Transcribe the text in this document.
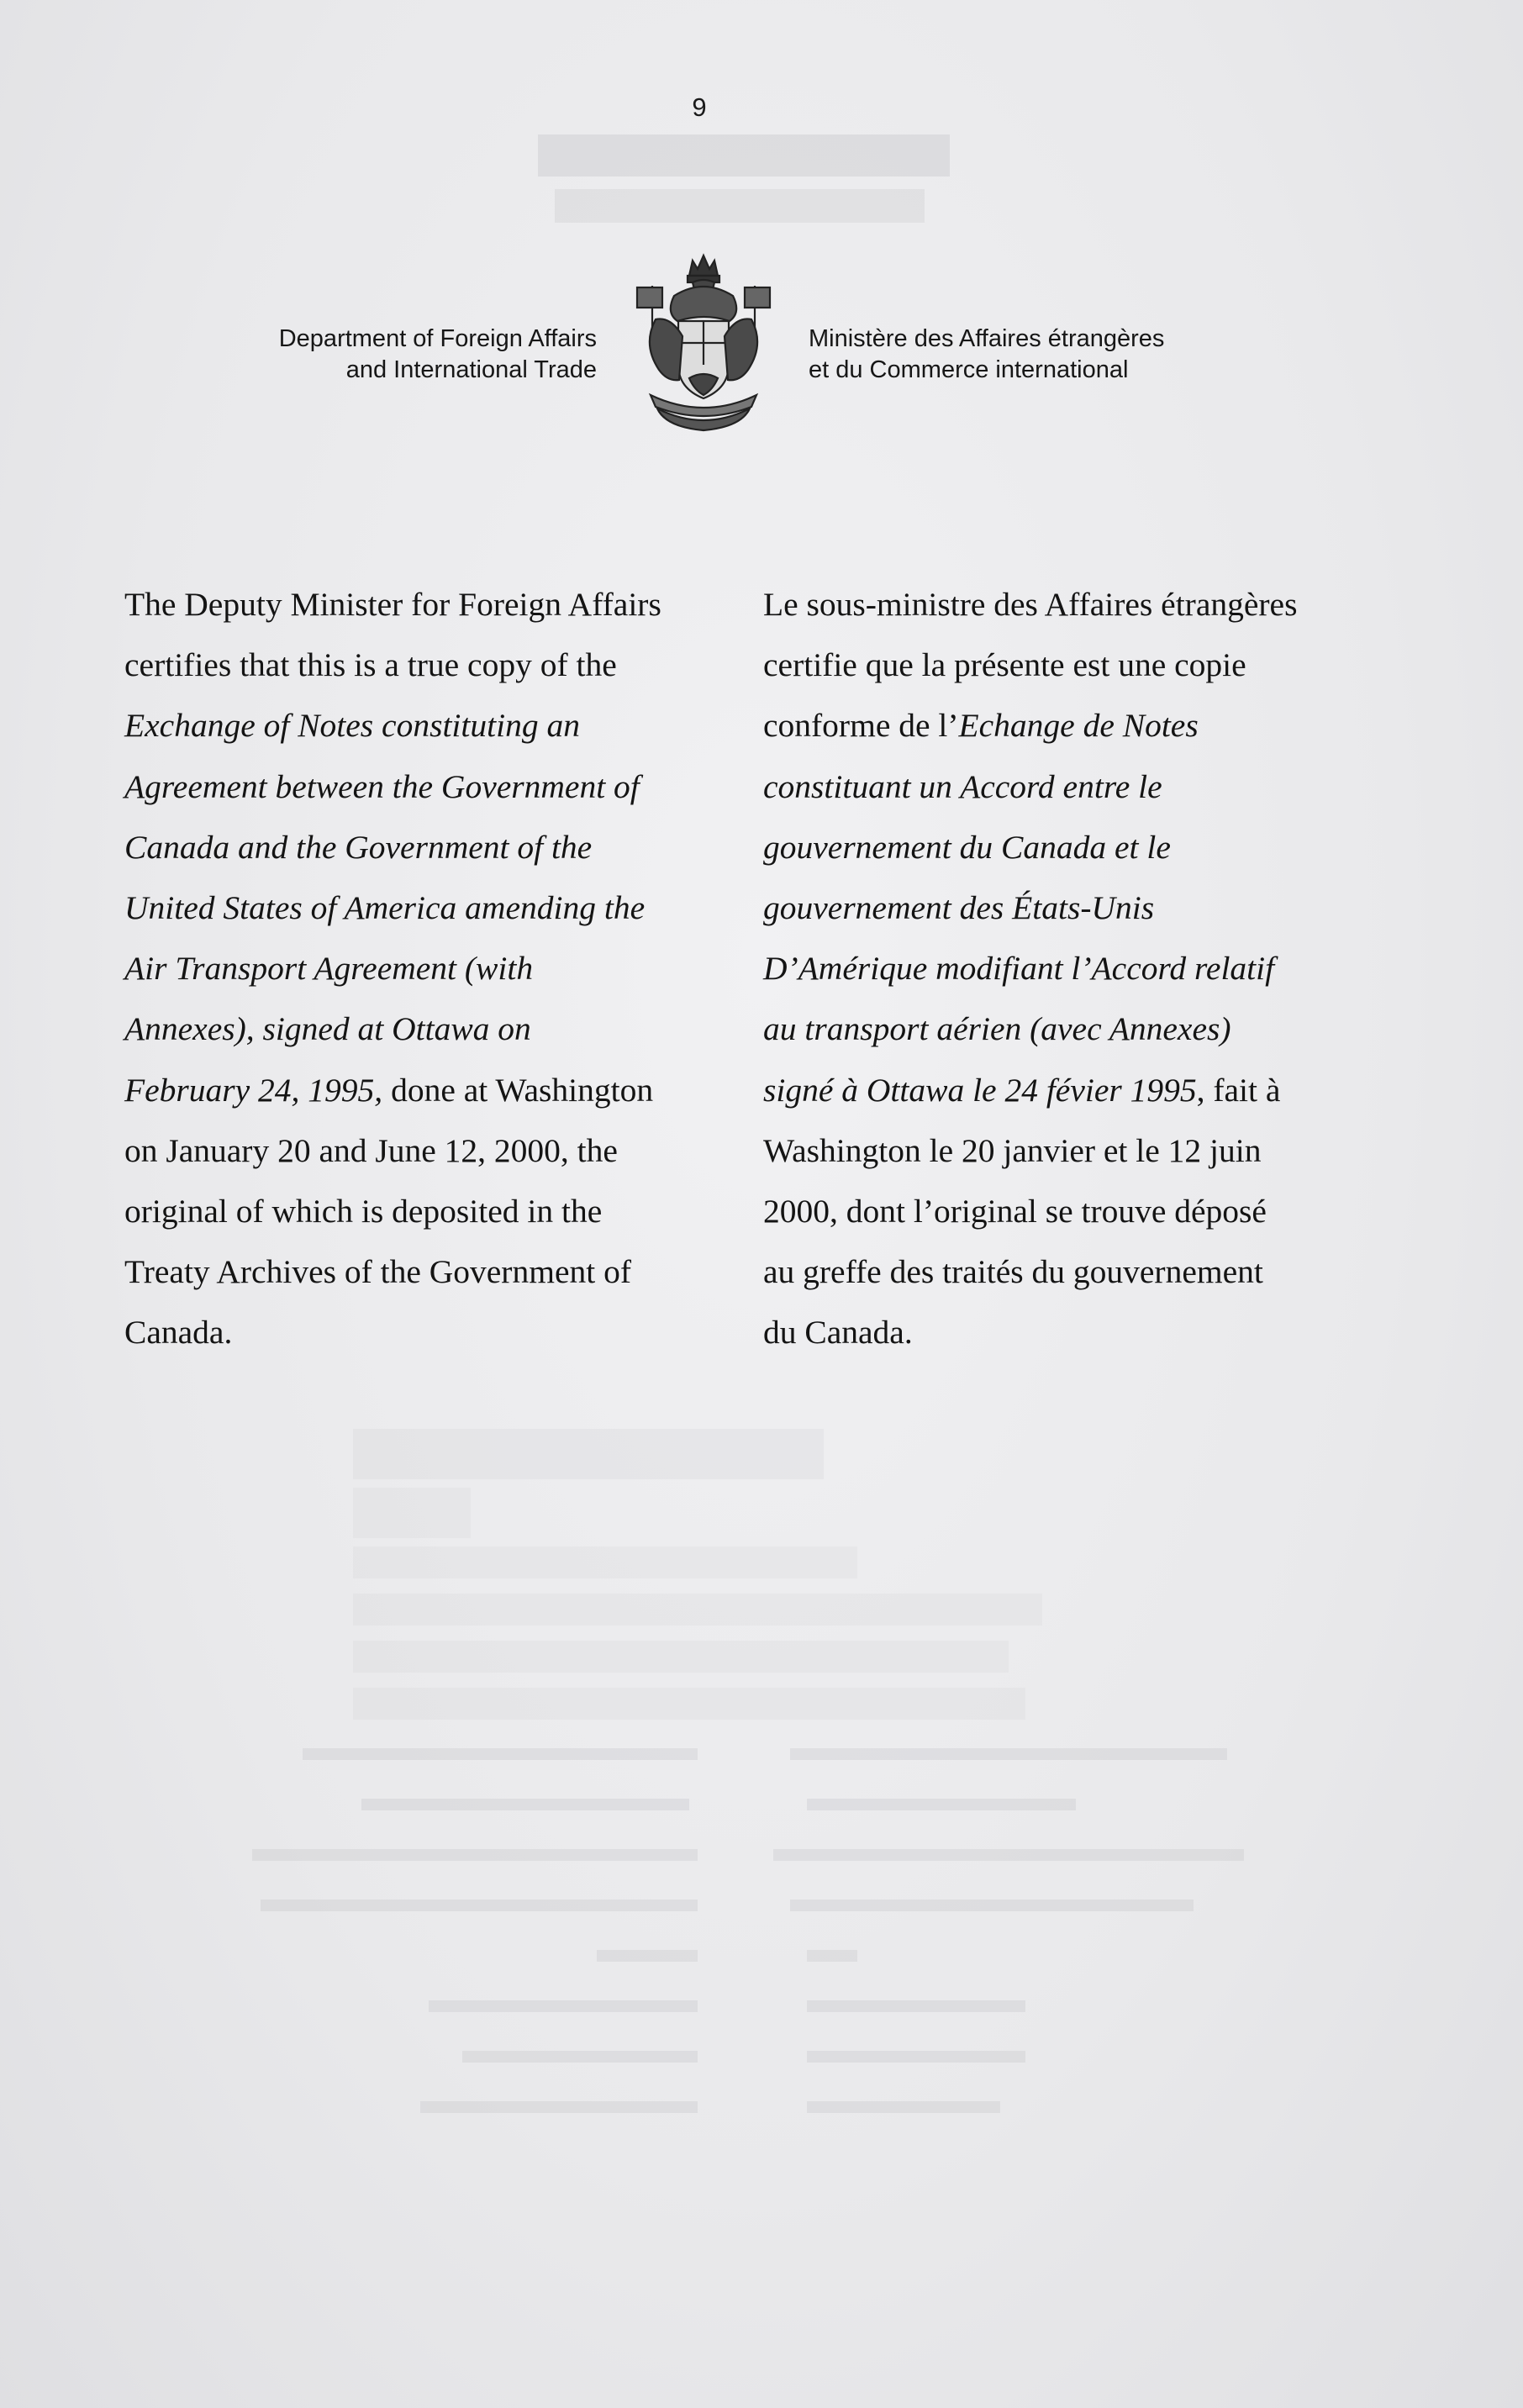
9
Department of Foreign Affairs
and International Trade
Ministère des Affaires étrangères
et du Commerce international
The Deputy Minister for Foreign Affairs certifies that this is a true copy of the Exchange of Notes constituting an Agreement between the Government of Canada and the Government of the United States of America amending the Air Transport Agreement (with Annexes), signed at Ottawa on February 24, 1995, done at Washington on January 20 and June 12, 2000, the original of which is deposited in the Treaty Archives of the Government of Canada.
Le sous-ministre des Affaires étrangères certifie que la présente est une copie conforme de l’Echange de Notes constituant un Accord entre le gouvernement du Canada et le gouvernement des États-Unis D’Amérique modifiant l’Accord relatif au transport aérien (avec Annexes) signé à Ottawa le 24 févier 1995, fait à Washington le 20 janvier et le 12 juin 2000, dont l’original se trouve déposé au greffe des traités du gouvernement du Canada.
